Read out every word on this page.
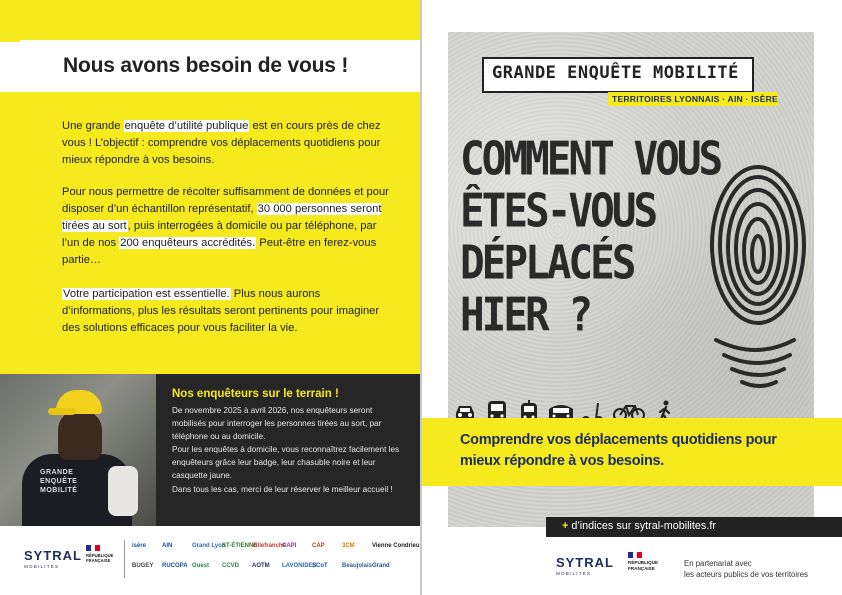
Nous avons besoin de vous !

Une grande enquête d’utilité publique est en cours près de chez vous ! L’objectif : comprendre vos déplacements quotidiens pour mieux répondre à vos besoins.

Pour nous permettre de récolter suffisamment de données et pour disposer d’un échantillon représentatif, 30 000 personnes seront tirées au sort, puis interrogées à domicile ou par téléphone, par l’un de nos 200 enquêteurs accrédités. Peut-être en ferez-vous partie…

Votre participation est essentielle. Plus nous aurons d’informations, plus les résultats seront pertinents pour imaginer des solutions efficaces pour vous faciliter la vie.

GRANDE ENQUÊTE MOBILITÉ
Nos enquêteurs sur le terrain !

De novembre 2025 à avril 2026, nos enquêteurs seront mobilisés pour interroger les personnes tirées au sort, par téléphone ou au domicile.

Pour les enquêtes à domicile, vous reconnaîtrez facilement les enquêteurs grâce leur badge, leur chasuble noire et leur casquette jaune.

Dans tous les cas, merci de leur réserver le meilleur accueil !

SYTRAL
MOBILITÉS
RÉPUBLIQUE FRANÇAISE
isère	AIN	Grand Lyon
ST-ÉTIENNE
Villefranche
CAPI	CAP	3CM	Vienne Condrieu
BUGEY RUCOPA Ouest CCVD AOTM LAVONIDES
SCoT Beaujolais Grand
GRANDE ENQUÊTE MOBILITÉ
TERRITOIRES LYONNAIS · AIN · ISÈRE
COMMENT VOUS
ÊTES-VOUS
DÉPLACÉS
HIER ?

Comprendre vos déplacements quotidiens pour mieux répondre à vos besoins.

+ d’indices sur sytral-mobilites.fr
SYTRAL
MOBILITÉS
RÉPUBLIQUE FRANÇAISE	En partenariat avec
les acteurs publics de vos territoires
